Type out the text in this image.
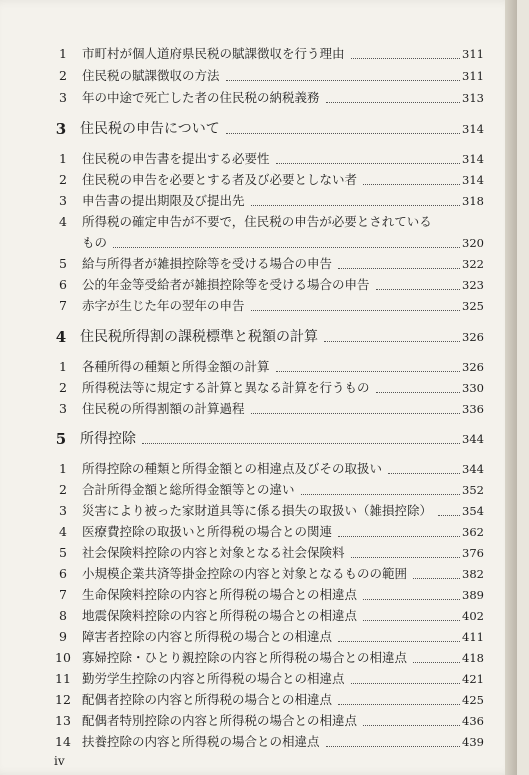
1	市町村が個人道府県民税の賦課徴収を行う理由	311
2	住民税の賦課徴収の方法	311
3	年の中途で死亡した者の住民税の納税義務	313
3 住民税の申告について	314
1	住民税の申告書を提出する必要性	314
2	住民税の申告を必要とする者及び必要としない者	314
3	申告書の提出期限及び提出先	318
4	所得税の確定申告が不要で，住民税の申告が必要とされている
もの	320
5	給与所得者が雑損控除等を受ける場合の申告	322
6	公的年金等受給者が雑損控除等を受ける場合の申告	323
7	赤字が生じた年の翌年の申告	325
4 住民税所得割の課税標準と税額の計算	326
1	各種所得の種類と所得金額の計算	326
2	所得税法等に規定する計算と異なる計算を行うもの	330
3	住民税の所得割額の計算過程	336
5 所得控除	344
1	所得控除の種類と所得金額との相違点及びその取扱い	344
2	合計所得金額と総所得金額等との違い	352
3	災害により被った家財道具等に係る損失の取扱い（雑損控除）	354
4	医療費控除の取扱いと所得税の場合との関連	362
5	社会保険料控除の内容と対象となる社会保険料	376
6	小規模企業共済等掛金控除の内容と対象となるものの範囲	382
7	生命保険料控除の内容と所得税の場合との相違点	389
8	地震保険料控除の内容と所得税の場合との相違点	402
9	障害者控除の内容と所得税の場合との相違点	411
10 寡婦控除・ひとり親控除の内容と所得税の場合との相違点	418
11 勤労学生控除の内容と所得税の場合との相違点	421
12 配偶者控除の内容と所得税の場合との相違点	425
13 配偶者特別控除の内容と所得税の場合との相違点	436
14 扶養控除の内容と所得税の場合との相違点	439
iv
